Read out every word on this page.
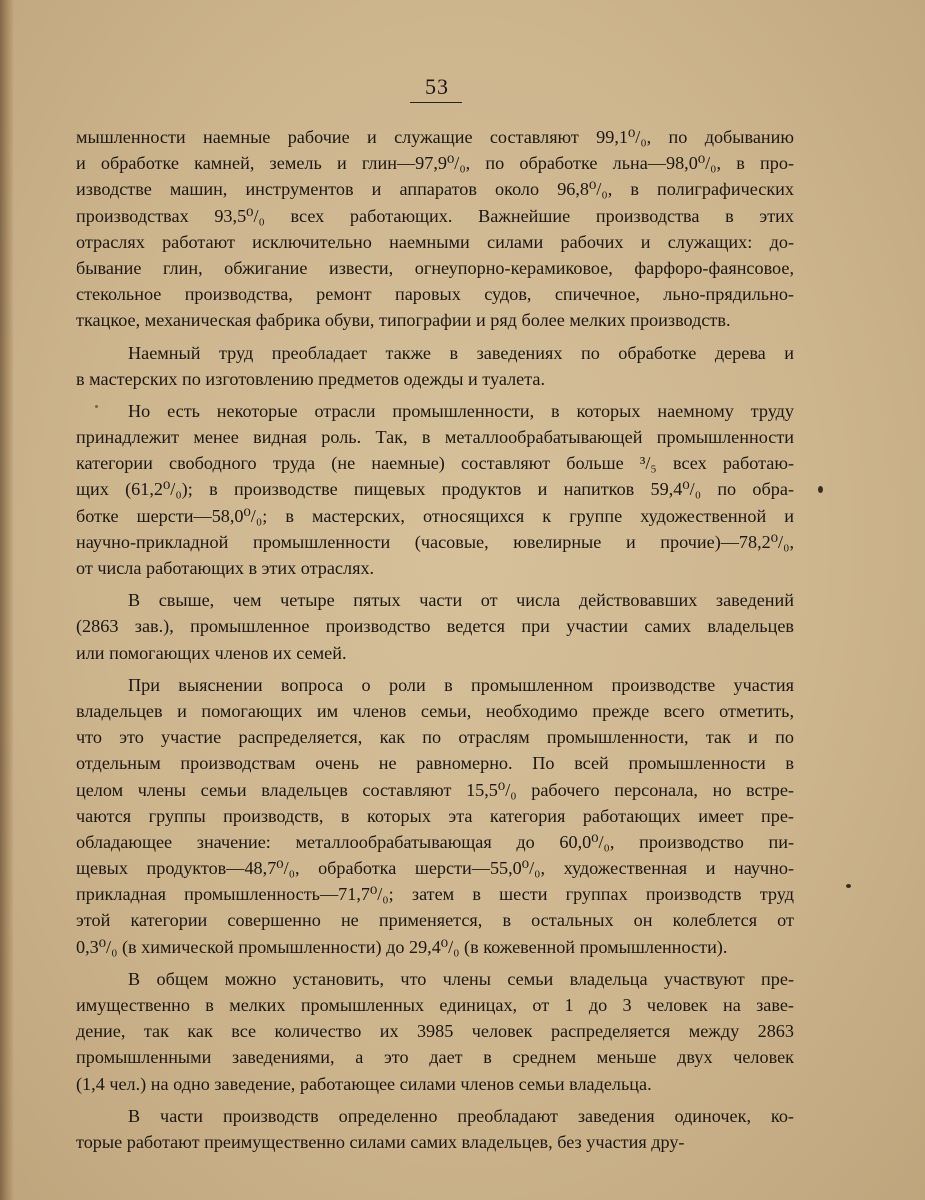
53
мышленности наемные рабочие и служащие составляют 99,1⁰/₀, по добыванию
и обработке камней, земель и глин—97,9⁰/₀, по обработке льна—98,0⁰/₀, в про-
изводстве машин, инструментов и аппаратов около 96,8⁰/₀, в полиграфических
производствах 93,5⁰/₀ всех работающих. Важнейшие производства в этих
отраслях работают исключительно наемными силами рабочих и служащих: до-
бывание глин, обжигание извести, огнеупорно-керамиковое, фарфоро-фаянсовое,
стекольное производства, ремонт паровых судов, спичечное, льно-прядильно-
ткацкое, механическая фабрика обуви, типографии и ряд более мелких производств.
Наемный труд преобладает также в заведениях по обработке дерева и
в мастерских по изготовлению предметов одежды и туалета.
Но есть некоторые отрасли промышленности, в которых наемному труду
принадлежит менее видная роль. Так, в металлообрабатывающей промышленности
категории свободного труда (не наемные) составляют больше ³/₅ всех работаю-
щих (61,2⁰/₀); в производстве пищевых продуктов и напитков 59,4⁰/₀ по обра-
ботке шерсти—58,0⁰/₀; в мастерских, относящихся к группе художественной и
научно-прикладной промышленности (часовые, ювелирные и прочие)—78,2⁰/₀,
от числа работающих в этих отраслях.
В свыше, чем четыре пятых части от числа действовавших заведений
(2863 зав.), промышленное производство ведется при участии самих владельцев
или помогающих членов их семей.
При выяснении вопроса о роли в промышленном производстве участия
владельцев и помогающих им членов семьи, необходимо прежде всего отметить,
что это участие распределяется, как по отраслям промышленности, так и по
отдельным производствам очень не равномерно. По всей промышленности в
целом члены семьи владельцев составляют 15,5⁰/₀ рабочего персонала, но встре-
чаются группы производств, в которых эта категория работающих имеет пре-
обладающее значение: металлообрабатывающая до 60,0⁰/₀, производство пи-
щевых продуктов—48,7⁰/₀, обработка шерсти—55,0⁰/₀, художественная и научно-
прикладная промышленность—71,7⁰/₀; затем в шести группах производств труд
этой категории совершенно не применяется, в остальных он колеблется от
0,3⁰/₀ (в химической промышленности) до 29,4⁰/₀ (в кожевенной промышленности).
В общем можно установить, что члены семьи владельца участвуют пре-
имущественно в мелких промышленных единицах, от 1 до 3 человек на заве-
дение, так как все количество их 3985 человек распределяется между 2863
промышленными заведениями, а это дает в среднем меньше двух человек
(1,4 чел.) на одно заведение, работающее силами членов семьи владельца.
В части производств определенно преобладают заведения одиночек, ко-
торые работают преимущественно силами самих владельцев, без участия дру-
